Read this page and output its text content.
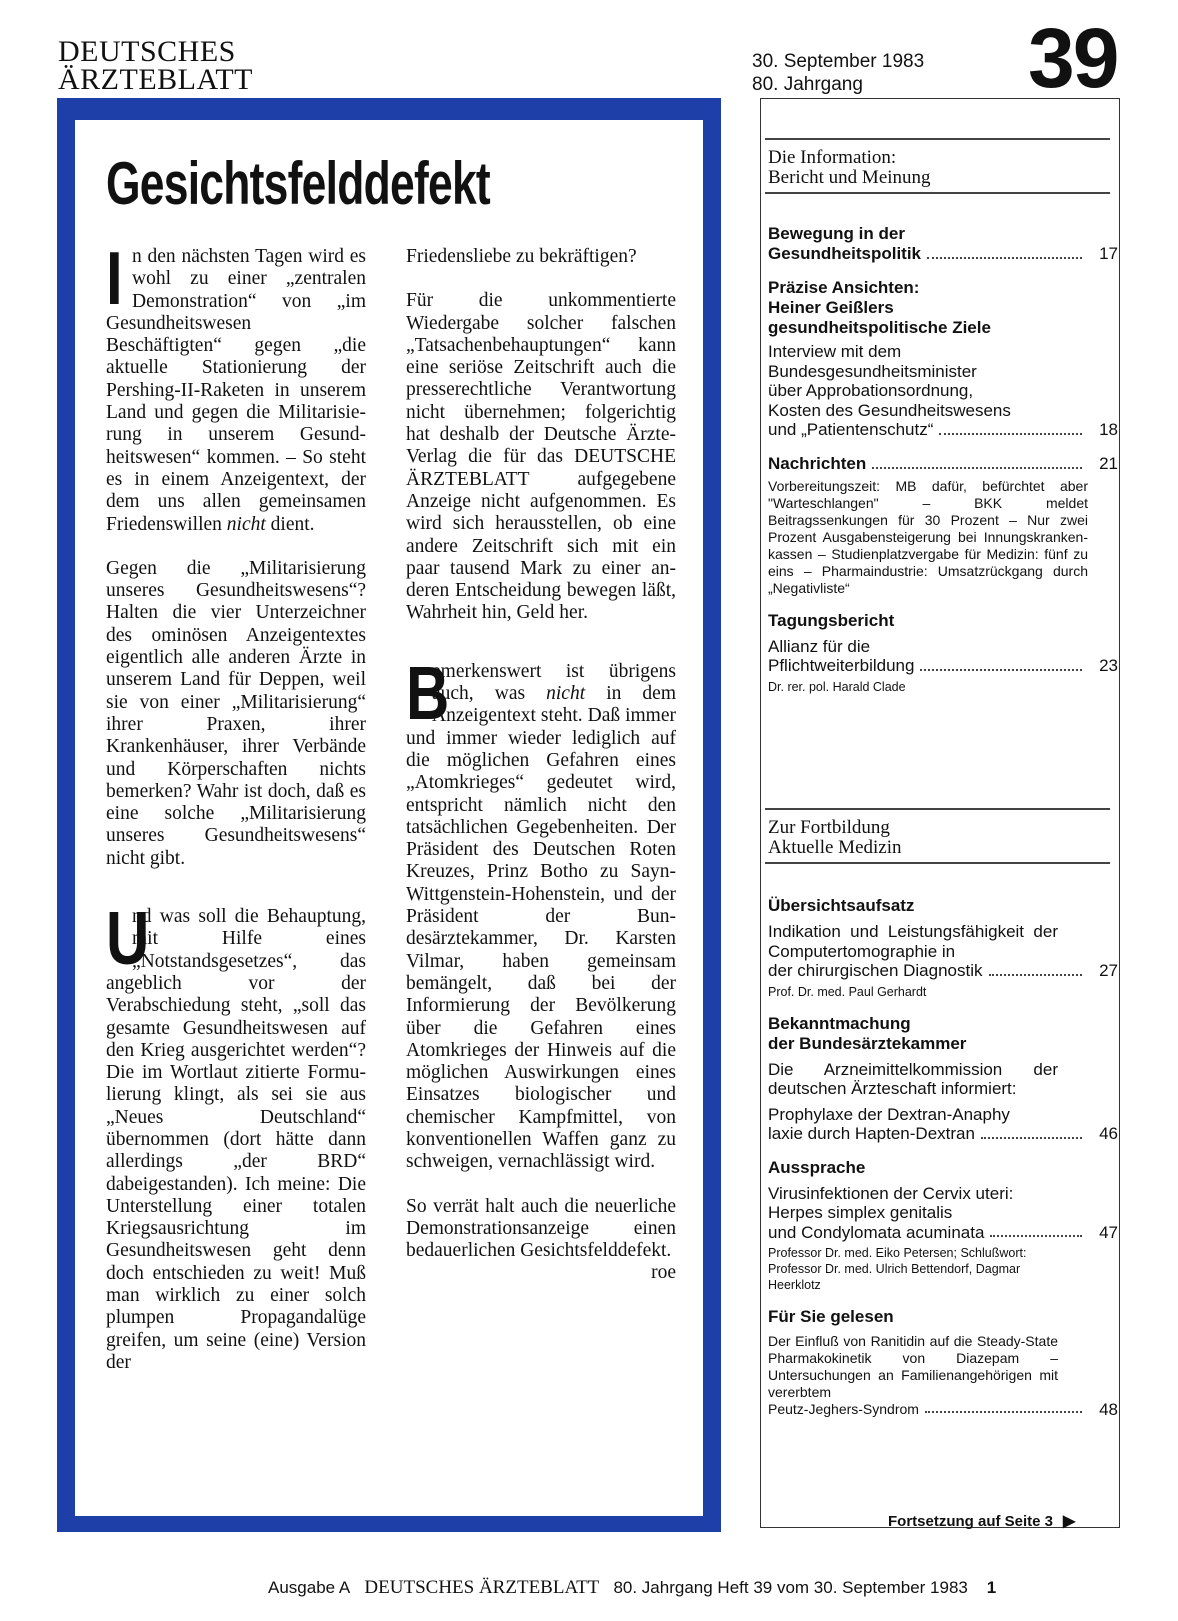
DEUTSCHES
ÄRZTEBLATT
30. September 1983
80. Jahrgang	39
Gesichtsfelddefekt

In den nächsten Tagen wird es wohl zu einer „zentralen Demonstration“ von „im Gesundheitswesen Beschäftigten“ gegen „die aktuelle Stationierung der Pershing-II-Raketen in unserem Land und gegen die Militarisierung in unserem Gesundheitswesen“ kommen. – So steht es in einem Anzeigentext, der dem uns allen gemeinsamen Friedenswillen nicht dient.

Gegen die „Militarisierung unseres Gesundheitswesens“? Halten die vier Unterzeichner des ominösen Anzeigentextes eigentlich alle anderen Ärzte in unserem Land für Deppen, weil sie von einer „Militarisierung“ ihrer Praxen, ihrer Krankenhäuser, ihrer Verbände und Körperschaften nichts bemerken? Wahr ist doch, daß es eine solche „Militarisierung unseres Gesundheitswesens“ nicht gibt.

U
nd was soll die Behauptung, mit Hilfe eines „Notstandsgesetzes“, das angeblich vor der Verabschiedung steht, „soll das gesamte Gesundheitswesen auf den Krieg ausgerichtet werden“? Die im Wortlaut zitierte Formulierung klingt, als sei sie aus „Neues Deutschland“ übernommen (dort hätte dann allerdings „der BRD“ dabeigestanden). Ich meine: Die Unterstellung einer totalen Kriegsausrichtung im Gesundheitswesen geht denn doch entschieden zu weit! Muß man wirklich zu einer solch plumpen Propagandalüge greifen, um seine (eine) Version der

Friedensliebe zu bekräftigen?

Für die unkommentierte Wiedergabe solcher falschen „Tatsachenbehauptungen“ kann eine seriöse Zeitschrift auch die presserechtliche Verantwortung nicht übernehmen; folgerichtig hat deshalb der Deutsche Ärzte-Verlag die für das DEUTSCHE ÄRZTEBLATT aufgegebene Anzeige nicht aufgenommen. Es wird sich herausstellen, ob eine andere Zeitschrift sich mit ein paar tausend Mark zu einer anderen Entscheidung bewegen läßt, Wahrheit hin, Geld her.

B
emerkenswert ist übrigens auch, was nicht in dem Anzeigentext steht. Daß immer und immer wieder lediglich auf die möglichen Gefahren eines „Atomkrieges“ gedeutet wird, entspricht nämlich nicht den tatsächlichen Gegebenheiten. Der Präsident des Deutschen Roten Kreuzes, Prinz Botho zu Sayn-Wittgenstein-Hohenstein, und der Präsident der Bundesärztekammer, Dr. Karsten Vilmar, haben gemeinsam bemängelt, daß bei der Informierung der Bevölkerung über die Gefahren eines Atomkrieges der Hinweis auf die möglichen Auswirkungen eines Einsatzes biologischer und chemischer Kampfmittel, von konventionellen Waffen ganz zu schweigen, vernachlässigt wird.

So verrät halt auch die neuerliche Demonstrationsanzeige einen bedauerlichen Gesichtsfelddefekt.
roe

Die Information:
Bericht und Meinung
Bewegung in der
Gesundheitspolitik	17
Präzise Ansichten:
Heiner Geißlers
gesundheitspolitische Ziele
Interview mit dem
Bundesgesundheitsminister
über Approbationsordnung,
Kosten des Gesundheitswesens
und „Patientenschutz“	18
Nachrichten	21
Vorbereitungszeit: MB dafür, befürchtet aber "Warteschlangen" – BKK meldet Beitragssenkungen für 30 Prozent – Nur zwei Prozent Ausgabensteigerung bei Innungskrankenkassen – Studienplatzvergabe für Medizin: fünf zu eins – Pharmaindustrie: Umsatzrückgang durch „Negativliste“
Tagungsbericht
Allianz für die
Pflichtweiterbildung	23
Dr. rer. pol. Harald Clade
Zur Fortbildung
Aktuelle Medizin
Übersichtsaufsatz
Indikation und Leistungsfähigkeit der Computertomographie in
der chirurgischen Diagnostik	27
Prof. Dr. med. Paul Gerhardt
Bekanntmachung
der Bundesärztekammer
Die Arzneimittelkommission der deutschen Ärzteschaft informiert:
Prophylaxe der Dextran-Anaphy
laxie durch Hapten-Dextran	46
Aussprache
Virusinfektionen der Cervix uteri:
Herpes simplex genitalis
und Condylomata acuminata	47
Professor Dr. med. Eiko Petersen; Schlußwort: Professor Dr. med. Ulrich Bettendorf, Dagmar Heerklotz
Für Sie gelesen
Der Einfluß von Ranitidin auf die Steady-State Pharmakokinetik von Diazepam – Untersuchungen an Familienangehörigen mit vererbtem
Peutz-Jeghers-Syndrom	48
Fortsetzung auf Seite 3 ▶
Ausgabe A DEUTSCHES ÄRZTEBLATT 80. Jahrgang Heft 39 vom 30. September 1983 1
